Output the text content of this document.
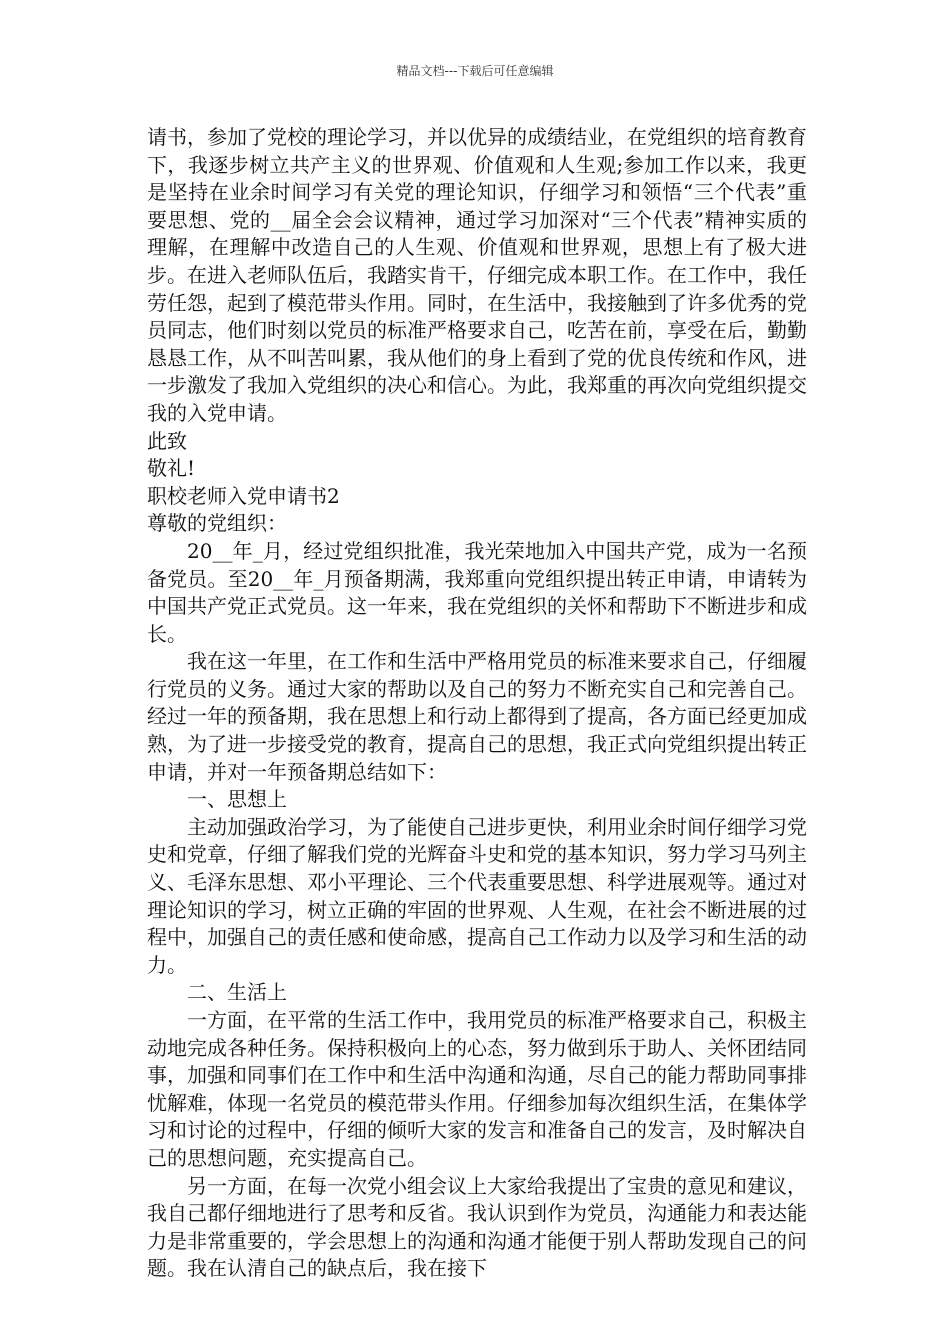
精品文档---下载后可任意编辑

请书，参加了党校的理论学习，并以优异的成绩结业，在党组织的培育教育下，我逐步树立共产主义的世界观、价值观和人生观;参加工作以来，我更是坚持在业余时间学习有关党的理论知识，仔细学习和领悟“三个代表”重要思想、党的__届全会会议精神，通过学习加深对“三个代表”精神实质的理解，在理解中改造自己的人生观、价值观和世界观，思想上有了极大进步。在进入老师队伍后，我踏实肯干，仔细完成本职工作。在工作中，我任劳任怨，起到了模范带头作用。同时，在生活中，我接触到了许多优秀的党员同志，他们时刻以党员的标准严格要求自己，吃苦在前，享受在后，勤勤恳恳工作，从不叫苦叫累，我从他们的身上看到了党的优良传统和作风，进一步激发了我加入党组织的决心和信心。为此，我郑重的再次向党组织提交我的入党申请。

此致

敬礼!

职校老师入党申请书2

尊敬的党组织：

20__年_月，经过党组织批准，我光荣地加入中国共产党，成为一名预备党员。至20__年_月预备期满，我郑重向党组织提出转正申请，申请转为中国共产党正式党员。这一年来，我在党组织的关怀和帮助下不断进步和成长。

我在这一年里，在工作和生活中严格用党员的标准来要求自己，仔细履行党员的义务。通过大家的帮助以及自己的努力不断充实自己和完善自己。经过一年的预备期，我在思想上和行动上都得到了提高，各方面已经更加成熟，为了进一步接受党的教育，提高自己的思想，我正式向党组织提出转正申请，并对一年预备期总结如下：

一、思想上

主动加强政治学习，为了能使自己进步更快，利用业余时间仔细学习党史和党章，仔细了解我们党的光辉奋斗史和党的基本知识，努力学习马列主义、毛泽东思想、邓小平理论、三个代表重要思想、科学进展观等。通过对理论知识的学习，树立正确的牢固的世界观、人生观，在社会不断进展的过程中，加强自己的责任感和使命感，提高自己工作动力以及学习和生活的动力。

二、生活上

一方面，在平常的生活工作中，我用党员的标准严格要求自己，积极主动地完成各种任务。保持积极向上的心态，努力做到乐于助人、关怀团结同事，加强和同事们在工作中和生活中沟通和沟通，尽自己的能力帮助同事排忧解难，体现一名党员的模范带头作用。仔细参加每次组织生活，在集体学习和讨论的过程中，仔细的倾听大家的发言和准备自己的发言，及时解决自己的思想问题，充实提高自己。

另一方面，在每一次党小组会议上大家给我提出了宝贵的意见和建议，我自己都仔细地进行了思考和反省。我认识到作为党员，沟通能力和表达能力是非常重要的，学会思想上的沟通和沟通才能便于别人帮助发现自己的问题。我在认清自己的缺点后，我在接下
